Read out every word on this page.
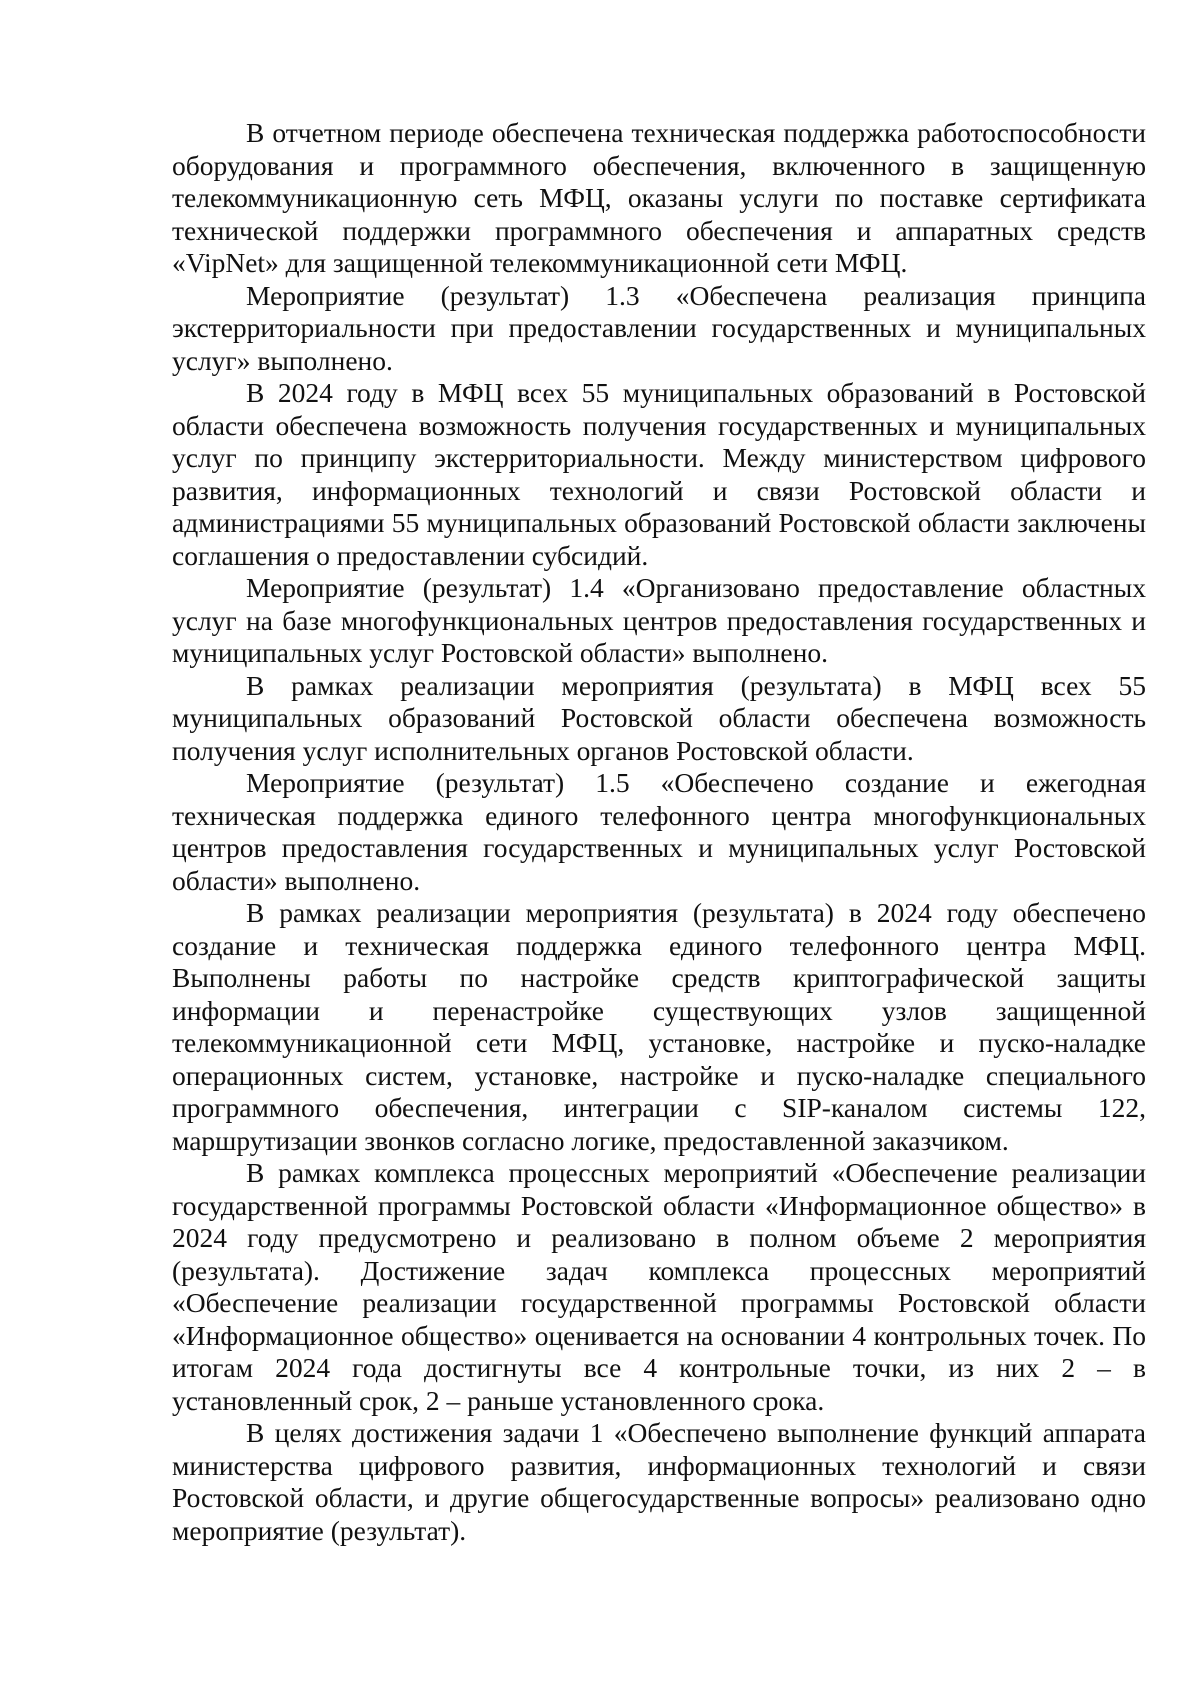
В отчетном периоде обеспечена техническая поддержка работоспособности оборудования и программного обеспечения, включенного в защищенную телекоммуникационную сеть МФЦ, оказаны услуги по поставке сертификата технической поддержки программного обеспечения и аппаратных средств «VipNet» для защищенной телекоммуникационной сети МФЦ.

Мероприятие (результат) 1.3 «Обеспечена реализация принципа экстерриториальности при предоставлении государственных и муниципальных услуг» выполнено.

В 2024 году в МФЦ всех 55 муниципальных образований в Ростовской области обеспечена возможность получения государственных и муниципальных услуг по принципу экстерриториальности. Между министерством цифрового развития, информационных технологий и связи Ростовской области и администрациями 55 муниципальных образований Ростовской области заключены соглашения о предоставлении субсидий.

Мероприятие (результат) 1.4 «Организовано предоставление областных услуг на базе многофункциональных центров предоставления государственных и муниципальных услуг Ростовской области» выполнено.

В рамках реализации мероприятия (результата) в МФЦ всех 55 муниципальных образований Ростовской области обеспечена возможность получения услуг исполнительных органов Ростовской области.

Мероприятие (результат) 1.5 «Обеспечено создание и ежегодная техническая поддержка единого телефонного центра многофункциональных центров предоставления государственных и муниципальных услуг Ростовской области» выполнено.

В рамках реализации мероприятия (результата) в 2024 году обеспечено создание и техническая поддержка единого телефонного центра МФЦ. Выполнены работы по настройке средств криптографической защиты информации и перенастройке существующих узлов защищенной телекоммуникационной сети МФЦ, установке, настройке и пуско-наладке операционных систем, установке, настройке и пуско-наладке специального программного обеспечения, интеграции с SIP-каналом системы 122, маршрутизации звонков согласно логике, предоставленной заказчиком.

В рамках комплекса процессных мероприятий «Обеспечение реализации государственной программы Ростовской области «Информационное общество» в 2024 году предусмотрено и реализовано в полном объеме 2 мероприятия (результата). Достижение задач комплекса процессных мероприятий «Обеспечение реализации государственной программы Ростовской области «Информационное общество» оценивается на основании 4 контрольных точек. По итогам 2024 года достигнуты все 4 контрольные точки, из них 2 – в установленный срок, 2 – раньше установленного срока.

В целях достижения задачи 1 «Обеспечено выполнение функций аппарата министерства цифрового развития, информационных технологий и связи Ростовской области, и другие общегосударственные вопросы» реализовано одно мероприятие (результат).
